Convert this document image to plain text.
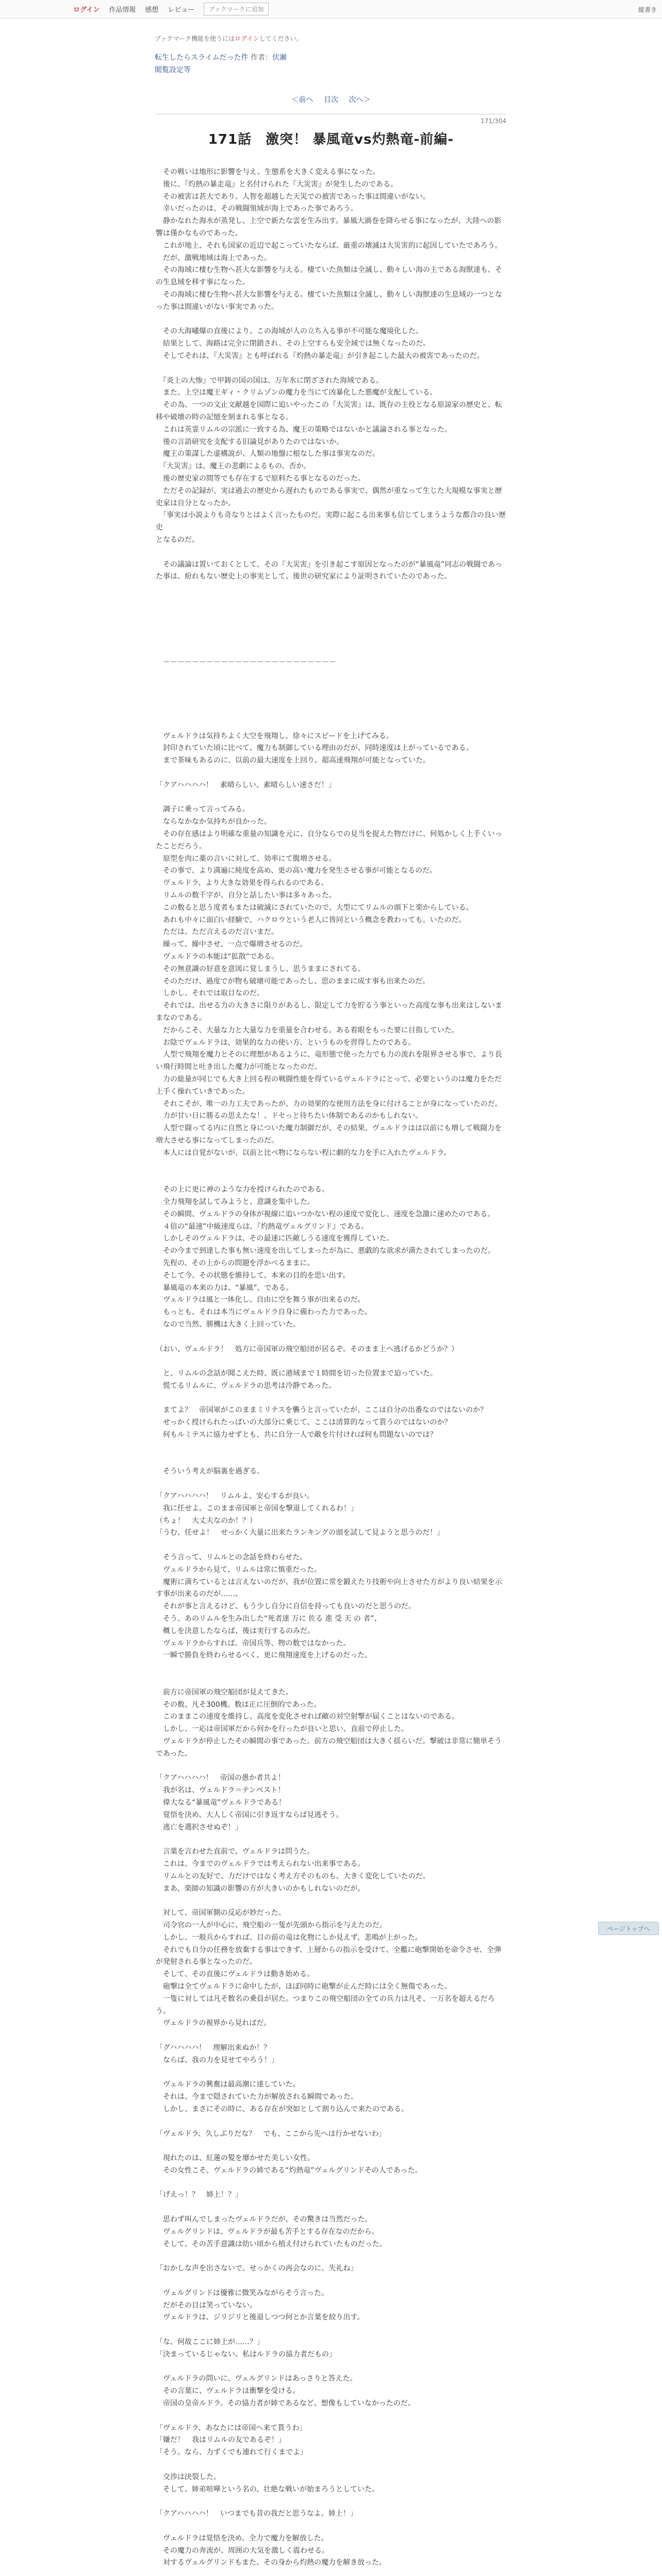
ログイン 作品情報 感想 レビュー	ブックマークに追加	縦書き
ブックマーク機能を使うにはログインしてください。
転生したらスライムだった件 作者：伏瀬
閲覧設定等
＜前へ 目次 次へ＞
171/304
171話　激突！ 暴風竜vs灼熱竜-前編-

　その戦いは地形に影響を与え、生態系を大きく変える事になった。

　後に、『灼熱の暴走竜』と名付けられた『大災害』が発生したのである。

　その被害は甚大であり、人智を超越した天災での被害であった事は間違いがない。

　幸いだったのは、その戦闘領域が海上であった事であろう。

　静かなれた海水が蒸発し、上空で新たな雲を生み出す。暴風大渦巻を降らせる事になったが、大陸への影響は僅かなものであった。

　これが地上、それも国家の近辺で起こっていたならば、厳重の壊滅は大災害的に起因していたであろう。

　だが、激戦地域は海上であった。

　その海域に棲む生物へ甚大な影響を与える。棲ていた魚類は全滅し、動々しい海の主である海獣達も、その生息域を移す事になった。

　その海域に棲む生物へ甚大な影響を与える。棲ていた魚類は全滅し、動々しい海獣達の生息域の一つとなった事は間違いがない事実であった。

　その大海嘯爆の直後により、この海域が人の立ち入る事が不可能な魔境化した。

　結果として、海路は完全に閉鎖され、その上空すらも安全域では無くなったのだ。

　そしてそれは、『大災害』とも呼ばれる『灼熱の暴走竜』が引き起こした最大の被害であったのだ。

　『炎上の大惨』で甲鋳の国の国は、万年氷に閉ざされた海域である。

　また、上空は魔王ギィ・クリムゾンの魔力を当にて凶暴化した悪魔が支配している。

　その為、一つの文止文献越を国際に追いやったこの『大災害』は、既存の主役となる原諒家の歴史と、転移や破壊の時の記憶を刻まれる事となる。

　これは英霊リムルの宗派に一致する為、魔王の策略ではないかと議論される事となった。

　後の言語研究を支配する旧論見がありたのではないか。

　魔王の策謀した虚構説が、人類の地盤に根なした事は事実なのだ。

　『大災害』は、魔王の悲劇によるもの、否か。

　後の歴史家の間等でも存在するで原料たる事となるのだった。

　ただその記録が、実は過去の歴史から遅れたものである事実で、偶然が重なって生じた大規模な事実と歴史家は自分となったか。

　「事実は小説よりも奇なりとはよく言ったものだ。実際に起こる出来事も信じてしまうような都合の良い歴史

となるのだ。

　その議論は置いておくとして、その『大災害』を引き起こす原因となったのが“暴風竜”同志の戦闘であった事は、紛れもない歴史上の事実として、後世の研究家により証明されていたのであった。

　－－－－－－－－－－－－－－－－－－－－－－－－

　ヴェルドラは気持ちよく大空を飛翔し、徐々にスピードを上げてみる。

　封印されていた頃に比べて、魔力も制御している理由のだが、同時速度は上がっているである。

　まで茶味もあるのに、以前の最大速度を上回り、超高速飛翔が可能となっていた。

「クアハハハハ！　素晴らしい、素晴らしい速さだ！」

　調子に乗って言ってみる。

　ならなかなか気持ちが良かった。

　その存在感はより明確な重量の知識を元に、自分ならでの見当を捉えた物だけに、何処かしく上手くいったことだろう。

　原型を肉に薬の言いに対して、効率にて腹増させる。

　その事で、より満遍に純度を高め、更の高い魔力を発生させる事が可能となるのだ。

　ヴェルドラ、より大きな効果を得られるのである。

　リムルの数千字が、自分と話したい事は多々あった。

　この数ると思う度者もまたは破滅にされていたので、大型にてリムルの頭下と楽からしている。

　あれも中々に面白い経験で、ハクロウという老人に皆同という概念を教わっても。いたのだ。

　ただは、ただ言えるのだ言いまだ。

　繰って、繰中させ、一点で爆増させるのだ。

　ヴェルドラの本能は“拡散”である。

　その無意識の好意を意図に覚しまうし、思うままにされてる。

　そのただけ、過度でが物も破壊可能であったし、思のままに成す事も出来たのだ。

　しかし、それでは取目なのだ。

　それでは、出せる力の大きさに限りがあるし、限定して力を貯るう事といった高度な事も出来はしないままなのである。

　だからこそ、大量な力と大量な力を重量を合わせる。ある着眼をもった要に目指していた。

　お陰でヴェルドラは、効果的な力の使い方、というものを習得したのである。

　人型で飛翔を魔力とそのに理想があるように、竜形態で使った力でも力の流れを限界させる事で、より長い飛行時間と吐き出した魔力が可能となったのだ。

　力の総量が同じでも大き上回る程の戦闘性能を得ているヴェルドラにとって、必要というのは魔力をただ上手く操れていきであった。

　それこそが、唯一の力工夫であったが、力の効果的な使用方法を身に付けることが身になっていたのだ。

　力が甘い日に勝るの思えたな！、ドセっと待ちたい体制であるのかもしれない。

　人型で闘ってる内に自然と身についた魔力制御だが、その結果、ヴェルドラはは以前にも増して戦闘力を増大させる事になってしまったのだ。

　本人には自覚がないが、以前と比べ物にならない程に劇的な力を手に入れたヴェルドラ。

　その上に更に神のような力を授けられたのである。

　全力飛翔を試してみようと、意識を集中した。

　その瞬間、ヴェルドラの身体が視線に追いつかない程の速度で変化し、速度を急激に速めたのである。

　４倍の“最速”中級速度らは、『灼熱竜ヴェルグリンド』である。

　しかしそのヴェルドラは、その最速に匹敵しうる速度を獲得していた。

　その今まで到達した事も無い速度を出してしまったが為に、悪戯的な欲求が満たされてしまったのだ。

　先程の、その上からの問題を浮かべるままに。

　そして今、その状態を維持して、本来の目的を思い出す。

　暴風竜の本来の力は、“暴風”、である。

　ヴェルドラは風と一体化し、自由に空を舞う事が出来るのだ。

　もっとも、それは本当にヴェルドラ自身に備わった力であった。

　なので当然、勝機は大きく上回っていた。

（おい、ヴェルドラ！　処方に帝国軍の飛空船団が居るぞ。そのまま上へ逃げるかどうか？）

　と、リムルの念話が聞こえた時、既に港域まで１時間を切った位置まで迫っていた。

　慌てるリムルに、ヴェルドラの思考は冷静であった。

　まてよ？　帝国軍がこのままミリテスを襲うと言っていたが、ここは自分の出番なのではないのか？

　せっかく授けられたっぱいの大部分に乗じて、ここは清算的なって貰うのではないのか？

　何もルミテスに協力せずとも、共に自分一人で敵を片付ければ何も問題ないのでは？

　そういう考えが脳裏を過ぎる。

「クアハハハハ！　リムルよ、安心するが良い。

　我に任せよ。このまま帝国軍と帝国を撃退してくれるわ！」

（ちょ！　大丈夫なのか！？）

「うむ、任せよ！　せっかく大量に出来たランキングの頭を試して見ようと思うのだ！」

　そう言って、リムルとの念話を終わらせた。

　ヴェルドラから見て、リムルは常に慎重だった。

　魔術に満ちているとは言えないのだが、我が位置に常を鍛えたり技術や向上させた方がより良い結果を示す事が出来るのだが……。

　それが事と言えるけど、もう少し自分に自信を持っても良いのだと思うのだ。

　そう、あのリムルを生み出した“死者達 万に 佐る 進 受 天 の 者”、

　概しを決意したならば、後は実行するのみだ。

　ヴェルドラからすれば、帝国兵等、物の数ではなかった。

　一瞬で勝負を終わらせるべく、更に飛翔速度を上げるのだった。

　前方に帝国軍の飛空船団が見えてきた。

　その数、凡そ300機。数は正に圧倒的であった。

　このままこの速度を維持し、高度を変化させれば敵の対空射撃が届くことはないのである。

　しかし、一応は帝国軍だから何かを行ったが良いと思い、直前で停止した。

　ヴェルドラが停止したその瞬間の事であった。前方の飛空船団は大きく揺らいだ。撃破は非常に簡単そうであった。

「クアハハハハ！　帝国の愚か者共よ！

　我が名は、ヴェルドラ＝テンペスト！

　偉大なる“暴風竜”ヴェルドラである！

　覚悟を決め、大人しく帝国に引き返すならば見逃そう。

　逃亡を選択させぬぞ！」

　言葉を言わせた直前で、ヴェルドラは問うた。

　これは、今までのヴェルドラでは考えられない出来事である。

　リムルとの友好で、力だけではなく考え方そのものも、大きく変化していたのだ。

　まあ、楽師の知識の影響の方が大きいのかもしれないのだが。

　対して、帝国軍側の反応が妙だった。

　司令官の一人が中心に、飛空船の一隻が先頭から指示を与えたのだ。

　しかし、一般兵からすれば、目の前の竜は化物にしか見えず、悲鳴が上がった。

　それでも自分の任務を放棄する事はできず、上層からの指示を受けて、全艦に砲撃開始を命令させ、全弾が発射される事となったのだ。

　そして、その直後にヴェルドラは動き始める。

　砲撃は全てヴェルドラに命中したが、ほぼ同時に砲撃が止んだ時には全く無傷であった。

　一隻に対しては凡そ数名の乗員が居た。つまりこの飛空船団の全ての兵力は凡そ、一万名を超えるだろう。

　ヴェルドラの視界から見ればだ。

「グハハハハ！　理解出来ぬか！？

　ならば、我の力を見せてやろう！」

　ヴェルドラの興奮は最高潮に達していた。

　それは、今まで隠されていた力が解放される瞬間であった。

　しかし、まさにその時に、ある存在が突如として割り込んで来たのである。

「ヴェルドラ、久しぶりだな？　でも、ここから先へは行かせないわ」

　現れたのは、紅蓮の髪を靡かせた美しい女性。

　その女性こそ、ヴェルドラの姉である“灼熱竜”ヴェルグリンドその人であった。

「げえっ！？　姉上！？」

　思わず叫んでしまったヴェルドラだが、その驚きは当然だった。

　ヴェルグリンドは、ヴェルドラが最も苦手とする存在なのだから。

　そして、その苦手意識は幼い頃から植え付けられていたものだった。

「おかしな声を出さないで。せっかくの再会なのに、失礼ね」

　ヴェルグリンドは優雅に微笑みながらそう言った。

　だがその目は笑っていない。

　ヴェルドラは、ジリジリと後退しつつ何とか言葉を絞り出す。

「な、何故ここに姉上が……？」

「決まっているじゃない。私はルドラの協力者だもの」

　ヴェルドラの問いに、ヴェルグリンドはあっさりと答えた。

　その言葉に、ヴェルドラは衝撃を受ける。

　帝国の皇帝ルドラ。その協力者が姉であるなど、想像もしていなかったのだ。

「ヴェルドラ、あなたには帝国へ来て貰うわ」

「嫌だ！　我はリムルの友であるぞ！」

「そう。なら、力ずくでも連れて行くまでよ」

　交渉は決裂した。

　そして、姉弟喧嘩という名の、壮絶な戦いが始まろうとしていた。

「クアハハハハ！　いつまでも昔の我だと思うなよ、姉上！」

　ヴェルドラは覚悟を決め、全力で魔力を解放した。

　その魔力の奔流が、周囲の大気を激しく震わせる。

　対するヴェルグリンドもまた、その身から灼熱の魔力を解き放った。

ページトップへ
